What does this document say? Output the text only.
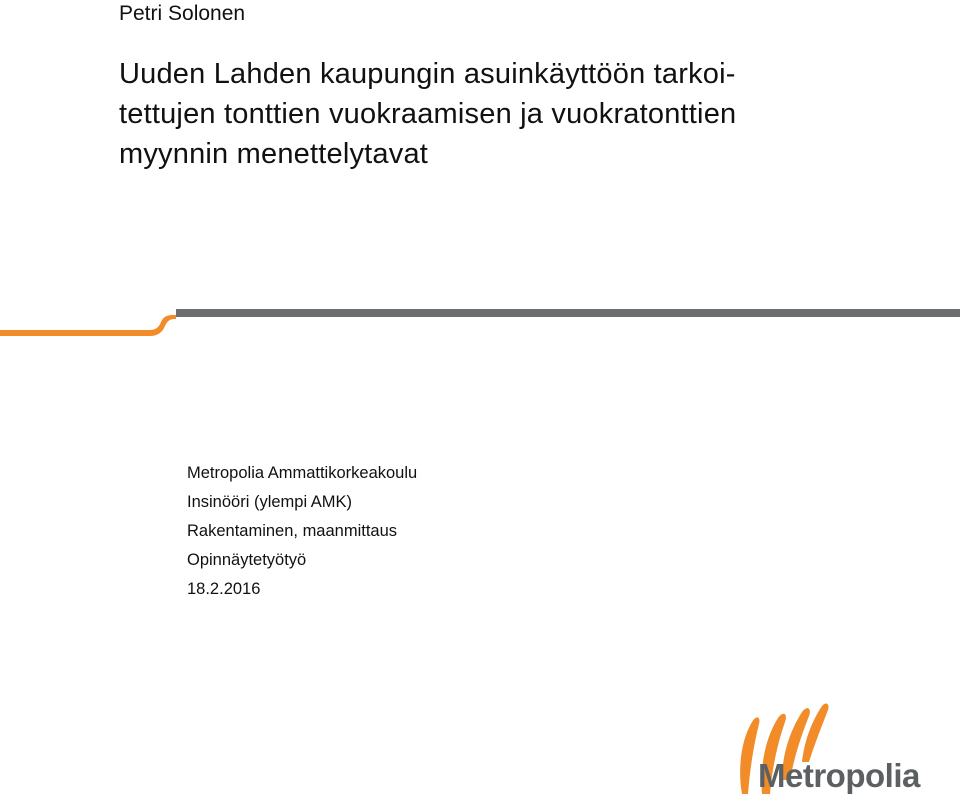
Petri Solonen

Uuden Lahden kaupungin asuinkäyttöön tarkoi-
tettujen tonttien vuokraamisen ja vuokratonttien
myynnin menettelytavat
Metropolia Ammattikorkeakoulu
Insinööri (ylempi AMK)
Rakentaminen, maanmittaus
Opinnäytetyötyö
18.2.2016
Metropolia
